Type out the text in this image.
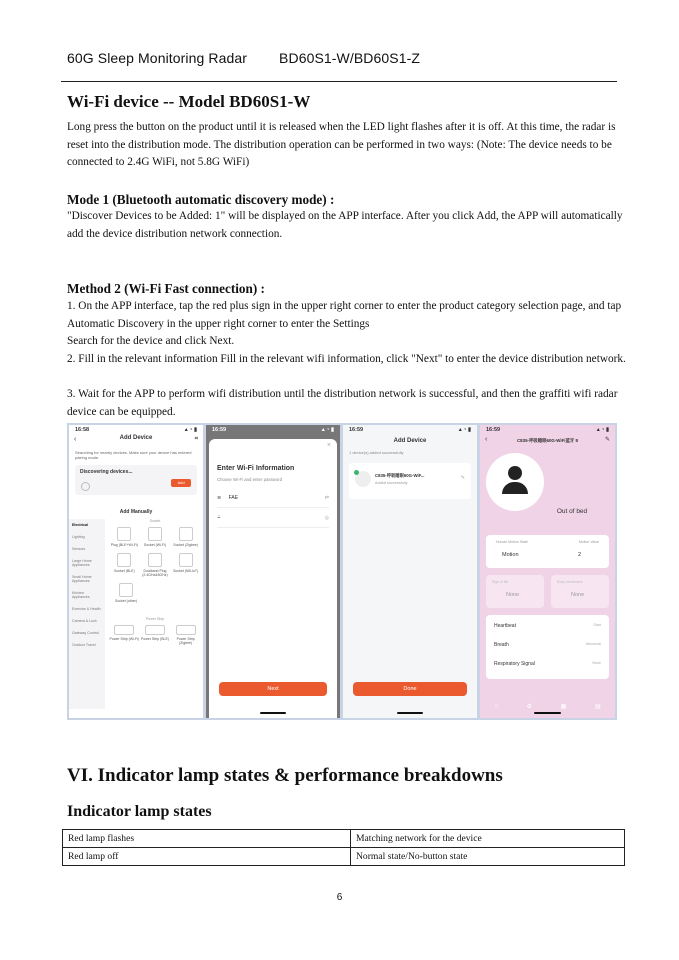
60G Sleep Monitoring Radar BD60S1-W/BD60S1-Z
Wi-Fi device -- Model BD60S1-W

Long press the button on the product until it is released when the LED light flashes after it is off. At this time, the radar is reset into the distribution mode. The distribution operation can be performed in two ways: (Note: The device needs to be connected to 2.4G WiFi, not 5.8G WiFi)

Mode 1 (Bluetooth automatic discovery mode) :

"Discover Devices to be Added: 1" will be displayed on the APP interface. After you click Add, the APP will automatically add the device distribution network connection.

Method 2 (Wi-Fi Fast connection) :

1. On the APP interface, tap the red plus sign in the upper right corner to enter the product category selection page, and tap Automatic Discovery in the upper right corner to enter the Settings

Search for the device and click Next.

2. Fill in the relevant information Fill in the relevant wifi information, click "Next" to enter the device distribution network.

3. Wait for the APP to perform wifi distribution until the distribution network is successful, and then the graffiti wifi radar device can be equipped.

16:58	▴ ◔ ▮
‹	Add Device	⌗
Searching for nearby devices. Make sure your device has entered pairing mode.
Discovering devices...
Add
Add Manually
Electrical
Lighting
Sensors
Large Home Appliances
Small Home Appliances
Kitchen Appliances
Exercise & Health
Camera & Lock
Gateway Control
Outdoor Travel
Socket
Plug (BLE+Wi-Fi)	Socket (Wi-Fi)	Socket (Zigbee)
Socket (BLE)	Dualband Plug (2.4GHz&5GHz)
Socket (NB-IoT)
Socket (other)
Power Strip
Power Strip (Wi-Fi) Power Strip (BLE)	Power Strip (Zigbee)
16:59	▴ ◔ ▮
×
Enter Wi-Fi Information
Choose Wi-Fi and enter password
≋ FAE	⇄
⍨	◎
Next
16:59	▴ ◔ ▮
Add Device
1 device(s) added successfully
C835-呼吸睡眠60G-WiF...
Added successfully
✎
Done
16:59	▴ ◔ ▮
‹	C835-呼吸睡眠60G-WiFi蓝牙 8	✎
Out of bed
Human Motion State
Motion
Motion Value
2
Sign of life
None
Body Movement
None
Heartbeat	Start
Breath	Abnormal
Respiratory Signal	None
⌂	⚙	▦	▤
VI. Indicator lamp states & performance breakdowns
Indicator lamp states
Red lamp flashes	Matching network for the device
Red lamp off	Normal state/No-button state
6
